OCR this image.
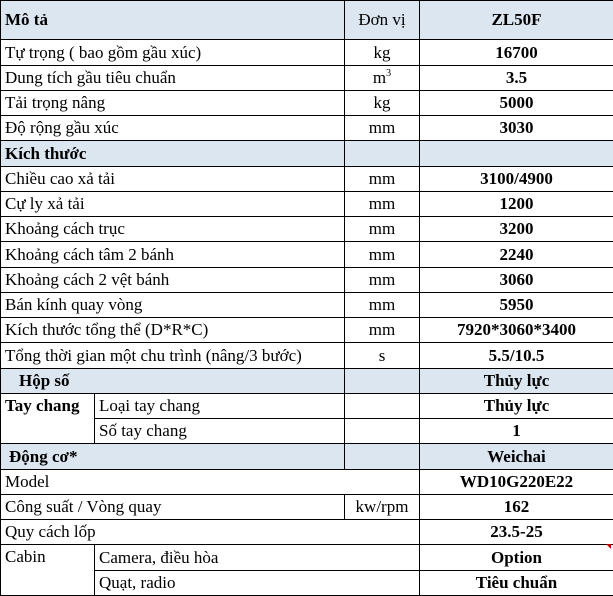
Mô tả		Đơn vị	ZL50F
Tự trọng ( bao gồm gầu xúc)		kg	16700
Dung tích gầu tiêu chuẩn		$m^3$	3.5
Tải trọng nâng		kg	5000
Độ rộng gầu xúc		mm	3030
Kích thước			
Chiều cao xả tải		mm	3100/4900
Cự ly xả tải		mm	1200
Khoảng cách trục		mm	3200
Khoảng cách tâm 2 bánh		mm	2240
Khoảng cách 2 vệt bánh		mm	3060
Bán kính quay vòng		mm	5950
Kích thước tổng thể (D*R*C)		mm	7920*3060*3400
Tổng thời gian một chu trình (nâng/3 bước)		s	5.5/10.5
Hộp số			Thủy lực
Tay chang	Loại tay chang		Thủy lực
	Số tay chang		1
Động cơ*			Weichai
Model			WD10G220E22
Công suất / Vòng quay		kw/rpm	162
Quy cách lốp			23.5-25
Cabin	Camera, điều hòa		Option
	Quạt, radio		Tiêu chuẩn
